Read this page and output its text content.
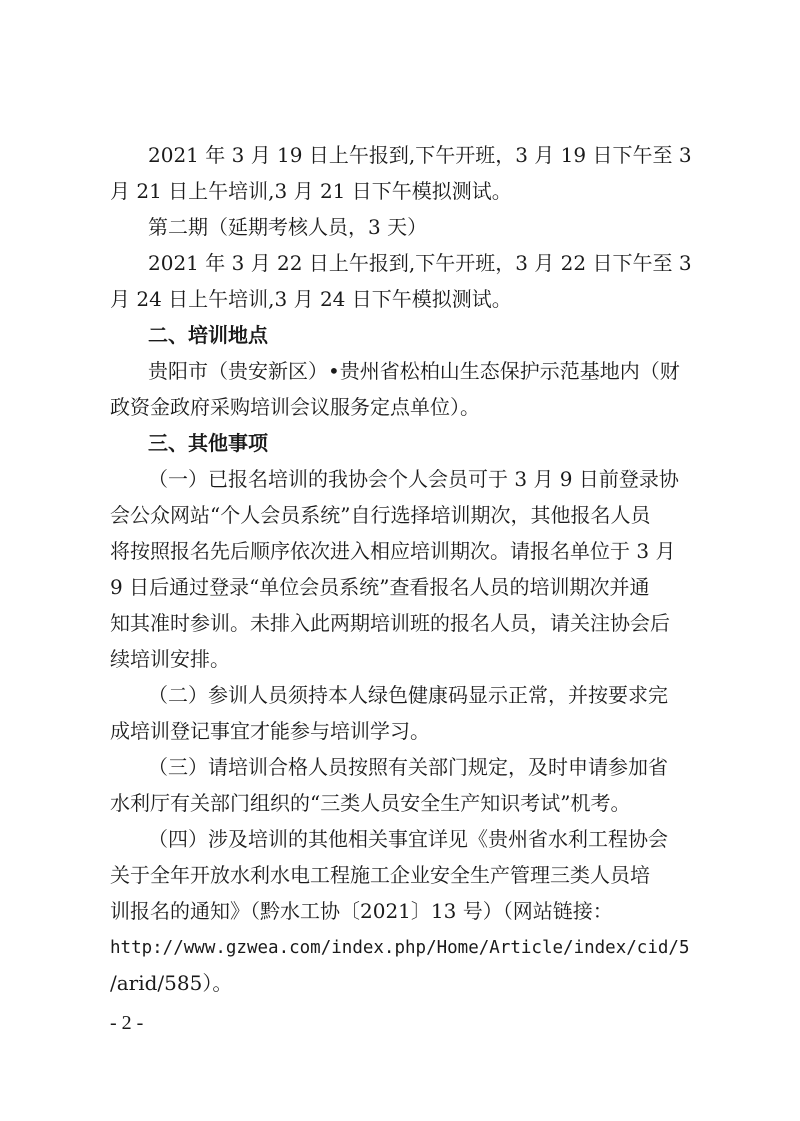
2021 年 3 月 19 日上午报到,下午开班，3 月 19 日下午至 3
月 21 日上午培训,3 月 21 日下午模拟测试。
第二期（延期考核人员，3 天）
2021 年 3 月 22 日上午报到,下午开班，3 月 22 日下午至 3
月 24 日上午培训,3 月 24 日下午模拟测试。
二、培训地点
贵阳市（贵安新区）•贵州省松柏山生态保护示范基地内（财
政资金政府采购培训会议服务定点单位）。
三、其他事项
（一）已报名培训的我协会个人会员可于 3 月 9 日前登录协
会公众网站“个人会员系统”自行选择培训期次，其他报名人员
将按照报名先后顺序依次进入相应培训期次。请报名单位于 3 月
9 日后通过登录“单位会员系统”查看报名人员的培训期次并通
知其准时参训。未排入此两期培训班的报名人员，请关注协会后
续培训安排。
（二）参训人员须持本人绿色健康码显示正常，并按要求完
成培训登记事宜才能参与培训学习。
（三）请培训合格人员按照有关部门规定，及时申请参加省
水利厅有关部门组织的“三类人员安全生产知识考试”机考。
（四）涉及培训的其他相关事宜详见《贵州省水利工程协会
关于全年开放水利水电工程施工企业安全生产管理三类人员培
训报名的通知》（黔水工协〔2021〕13 号）（网站链接：
http://www.gzwea.com/index.php/Home/Article/index/cid/5
/arid/585）。
- 2 -
